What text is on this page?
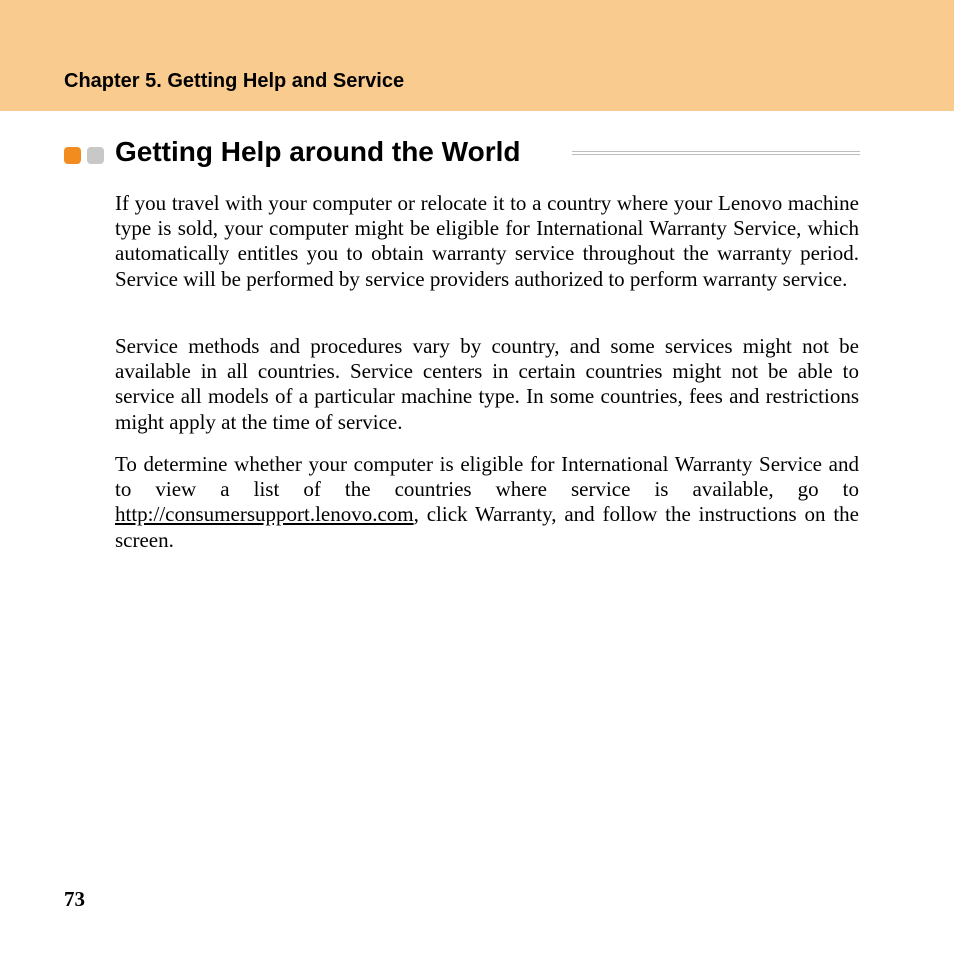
Chapter 5. Getting Help and Service
Getting Help around the World

If you travel with your computer or relocate it to a country where your Lenovo machine type is sold, your computer might be eligible for International Warranty Service, which automatically entitles you to obtain warranty service throughout the warranty period. Service will be performed by service providers authorized to perform warranty service.

Service methods and procedures vary by country, and some services might not be available in all countries. Service centers in certain countries might not be able to service all models of a particular machine type. In some countries, fees and restrictions might apply at the time of service.

To determine whether your computer is eligible for International Warranty Service and to view a list of the countries where service is available, go to http://consumersupport.lenovo.com, click Warranty, and follow the instructions on the screen.

73
